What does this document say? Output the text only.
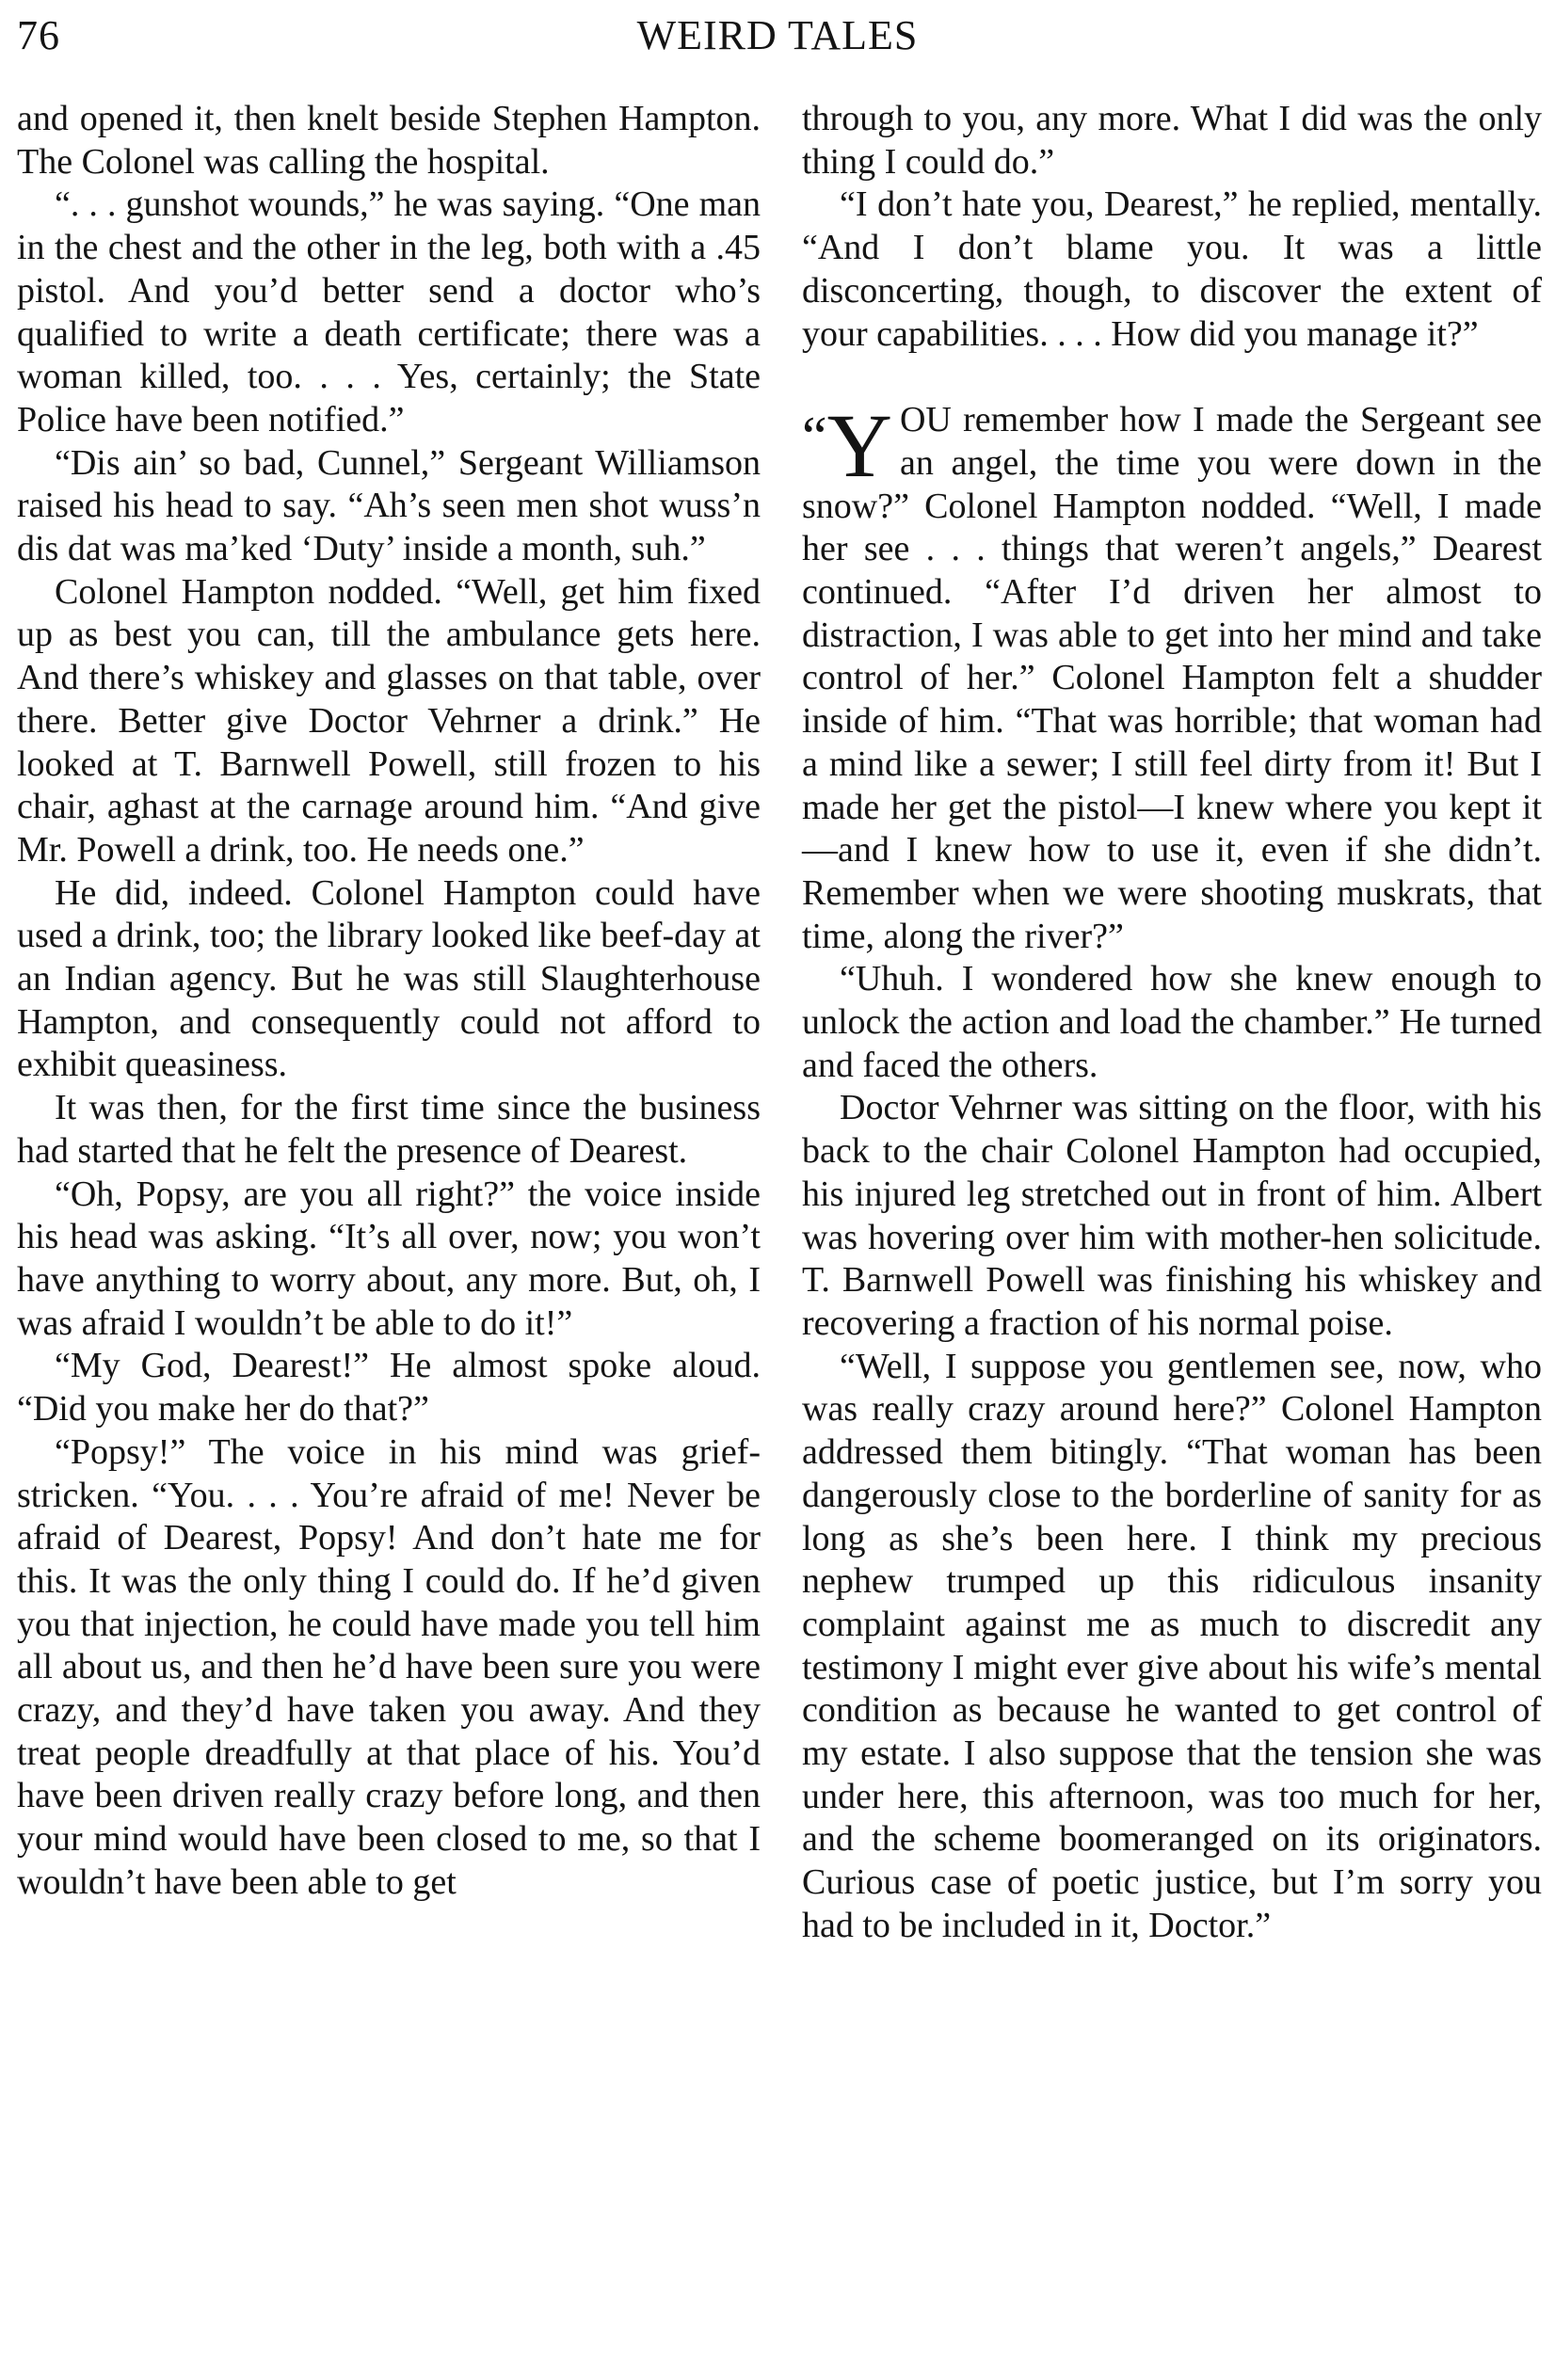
76	WEIRD TALES

and opened it, then knelt beside Stephen Hampton. The Colonel was calling the hospital.

“. . . gunshot wounds,” he was saying. “One man in the chest and the other in the leg, both with a .45 pistol. And you’d better send a doctor who’s qualified to write a death certificate; there was a woman killed, too. . . . Yes, certainly; the State Police have been notified.”

“Dis ain’ so bad, Cunnel,” Sergeant Williamson raised his head to say. “Ah’s seen men shot wuss’n dis dat was ma’ked ‘Duty’ inside a month, suh.”

Colonel Hampton nodded. “Well, get him fixed up as best you can, till the ambulance gets here. And there’s whiskey and glasses on that table, over there. Better give Doctor Vehrner a drink.” He looked at T. Barnwell Powell, still frozen to his chair, aghast at the carnage around him. “And give Mr. Powell a drink, too. He needs one.”

He did, indeed. Colonel Hampton could have used a drink, too; the library looked like beef-day at an Indian agency. But he was still Slaughterhouse Hampton, and consequently could not afford to exhibit queasiness.

It was then, for the first time since the business had started that he felt the presence of Dearest.

“Oh, Popsy, are you all right?” the voice inside his head was asking. “It’s all over, now; you won’t have anything to worry about, any more. But, oh, I was afraid I wouldn’t be able to do it!”

“My God, Dearest!” He almost spoke aloud. “Did you make her do that?”

“Popsy!” The voice in his mind was grief-stricken. “You. . . . You’re afraid of me! Never be afraid of Dearest, Popsy! And don’t hate me for this. It was the only thing I could do. If he’d given you that injection, he could have made you tell him all about us, and then he’d have been sure you were crazy, and they’d have taken you away. And they treat people dreadfully at that place of his. You’d have been driven really crazy before long, and then your mind would have been closed to me, so that I wouldn’t have been able to get

through to you, any more. What I did was the only thing I could do.”

“I don’t hate you, Dearest,” he replied, mentally. “And I don’t blame you. It was a little disconcerting, though, to discover the extent of your capabilities. . . . How did you manage it?”

“Y OU remember how I made the Sergeant see an angel, the time you were down in the snow?” Colonel Hampton nodded. “Well, I made her see . . . things that weren’t angels,” Dearest continued. “After I’d driven her almost to distraction, I was able to get into her mind and take control of her.” Colonel Hampton felt a shudder inside of him. “That was horrible; that woman had a mind like a sewer; I still feel dirty from it! But I made her get the pistol—I knew where you kept it—and I knew how to use it, even if she didn’t. Remember when we were shooting muskrats, that time, along the river?”

“Uhuh. I wondered how she knew enough to unlock the action and load the chamber.” He turned and faced the others.

Doctor Vehrner was sitting on the floor, with his back to the chair Colonel Hampton had occupied, his injured leg stretched out in front of him. Albert was hovering over him with mother-hen solicitude. T. Barnwell Powell was finishing his whiskey and recovering a fraction of his normal poise.

“Well, I suppose you gentlemen see, now, who was really crazy around here?” Colonel Hampton addressed them bitingly. “That woman has been dangerously close to the borderline of sanity for as long as she’s been here. I think my precious nephew trumped up this ridiculous insanity complaint against me as much to discredit any testimony I might ever give about his wife’s mental condition as because he wanted to get control of my estate. I also suppose that the tension she was under here, this afternoon, was too much for her, and the scheme boomeranged on its originators. Curious case of poetic justice, but I’m sorry you had to be included in it, Doctor.”
